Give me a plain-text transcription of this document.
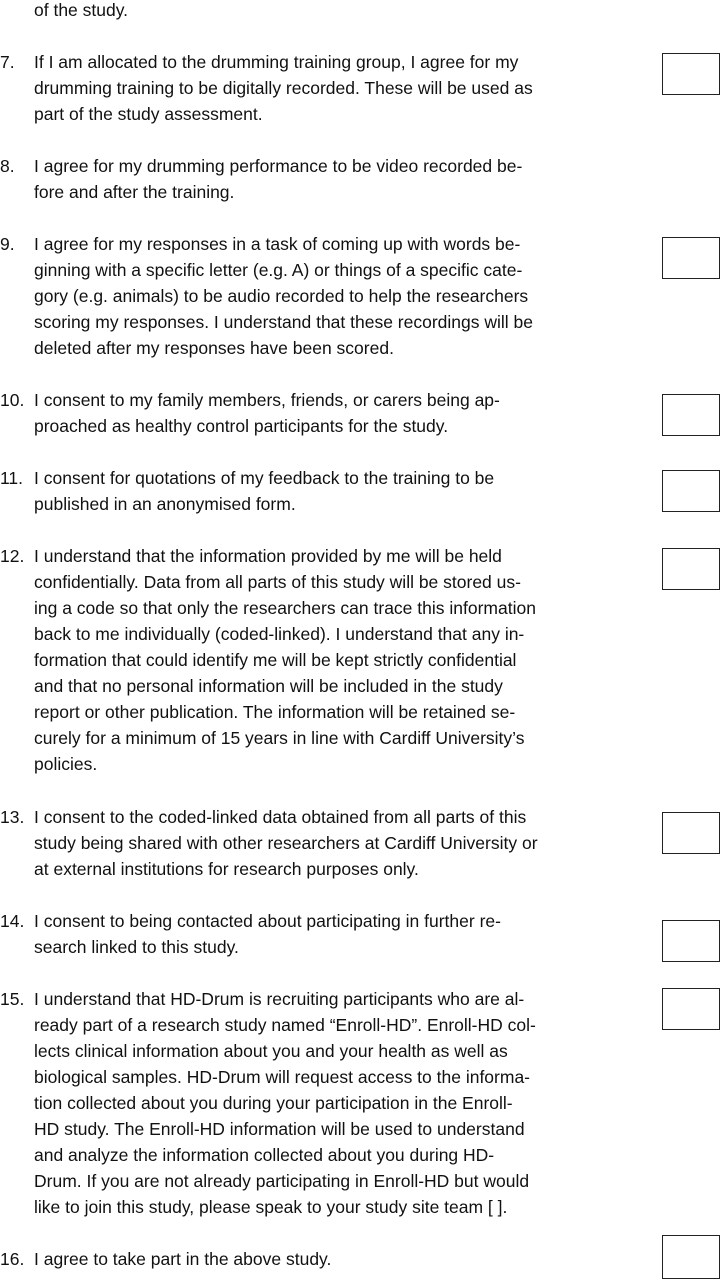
of the study.
7. If I am allocated to the drumming training group, I agree for my
drumming training to be digitally recorded. These will be used as
part of the study assessment.
8. I agree for my drumming performance to be video recorded be-
fore and after the training.
9. I agree for my responses in a task of coming up with words be-
ginning with a specific letter (e.g. A) or things of a specific cate-
gory (e.g. animals) to be audio recorded to help the researchers
scoring my responses. I understand that these recordings will be
deleted after my responses have been scored.
10. I consent to my family members, friends, or carers being ap-
proached as healthy control participants for the study.
11. I consent for quotations of my feedback to the training to be
published in an anonymised form.
12. I understand that the information provided by me will be held
confidentially. Data from all parts of this study will be stored us-
ing a code so that only the researchers can trace this information
back to me individually (coded-linked). I understand that any in-
formation that could identify me will be kept strictly confidential
and that no personal information will be included in the study
report or other publication. The information will be retained se-
curely for a minimum of 15 years in line with Cardiff University’s
policies.
13. I consent to the coded-linked data obtained from all parts of this
study being shared with other researchers at Cardiff University or
at external institutions for research purposes only.
14. I consent to being contacted about participating in further re-
search linked to this study.
15. I understand that HD-Drum is recruiting participants who are al-
ready part of a research study named “Enroll-HD”. Enroll-HD col-
lects clinical information about you and your health as well as
biological samples. HD-Drum will request access to the informa-
tion collected about you during your participation in the Enroll-
HD study. The Enroll-HD information will be used to understand
and analyze the information collected about you during HD-
Drum. If you are not already participating in Enroll-HD but would
like to join this study, please speak to your study site team [ ].
16. I agree to take part in the above study.
